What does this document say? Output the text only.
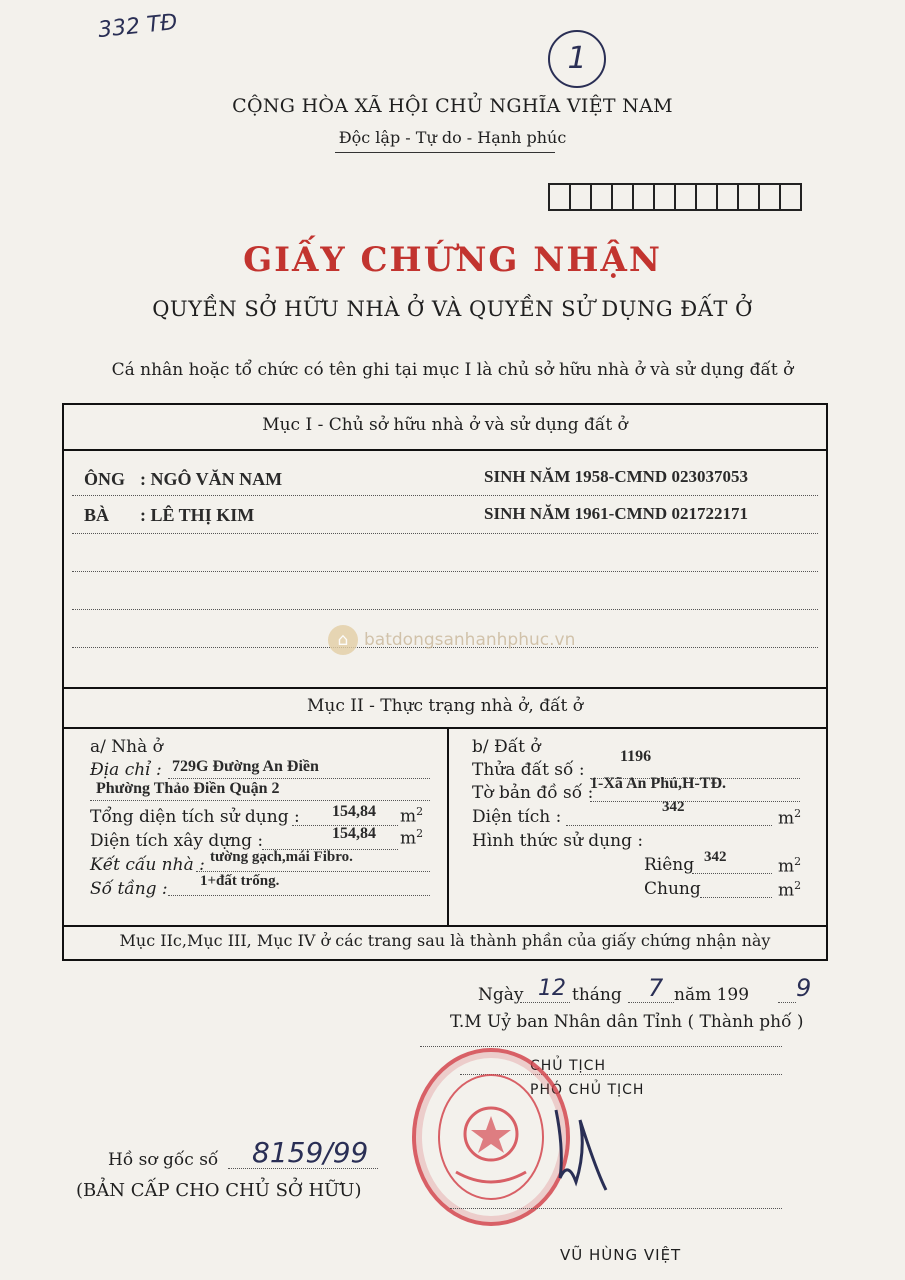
332 TĐ
1
CỘNG HÒA XÃ HỘI CHỦ NGHĨA VIỆT NAM
Độc lập - Tự do - Hạnh phúc
GIẤY CHỨNG NHẬN
QUYỀN SỞ HỮU NHÀ Ở VÀ QUYỀN SỬ DỤNG ĐẤT Ở
Cá nhân hoặc tổ chức có tên ghi tại mục I là chủ sở hữu nhà ở và sử dụng đất ở
Mục I - Chủ sở hữu nhà ở và sử dụng đất ở
ÔNG : NGÔ VĂN NAM	SINH NĂM 1958-CMND 023037053
BÀ : LÊ THỊ KIM	SINH NĂM 1961-CMND 021722171
⌂ batdongsanhanhphuc.vn
Mục II - Thực trạng nhà ở, đất ở
a/ Nhà ở
Địa chỉ : 729G Đường An Điền
Phường Thảo Điền Quận 2
Tổng diện tích sử dụng : 154,84 $m^2$
Diện tích xây dựng :	154,84 $m^2$
Kết cấu nhà : tường gạch,mái Fibro.
Số tầng : 1+đất trống.
b/ Đất ở
Thửa đất số :
1196
Tờ bản đồ số :
1-Xã An Phú,H-TĐ.
Diện tích :	342
$m^2$
Hình thức sử dụng :
Riêng 342	$m^2$
Chung	$m^2$
Mục IIc,Mục III, Mục IV ở các trang sau là thành phần của giấy chứng nhận này
Ngày 12 tháng 7 năm 199 9
T.M Uỷ ban Nhân dân Tỉnh ( Thành phố )
CHỦ TỊCH
PHÓ CHỦ TỊCH
VŨ HÙNG VIỆT
Hồ sơ gốc số 8159/99
(BẢN CẤP CHO CHỦ SỞ HỮU)
